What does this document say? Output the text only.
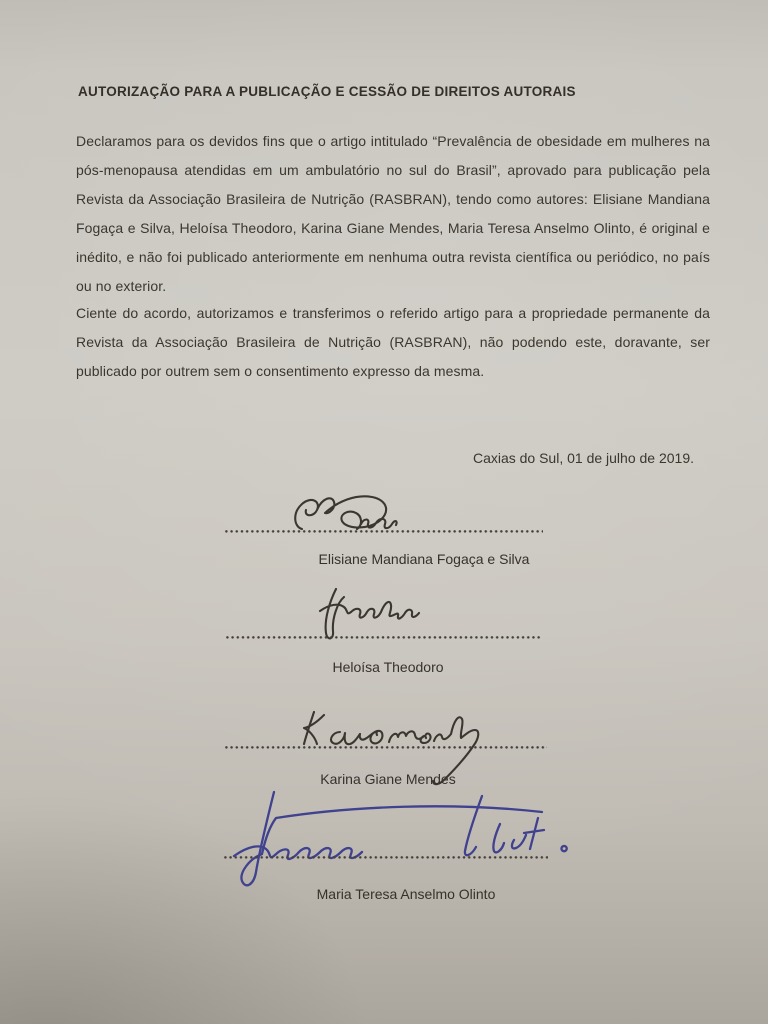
AUTORIZAÇÃO PARA A PUBLICAÇÃO E CESSÃO DE DIREITOS AUTORAIS

Declaramos para os devidos fins que o artigo intitulado “Prevalência de obesidade em mulheres na pós-menopausa atendidas em um ambulatório no sul do Brasil”, aprovado para publicação pela Revista da Associação Brasileira de Nutrição (RASBRAN), tendo como autores: Elisiane Mandiana Fogaça e Silva, Heloísa Theodoro, Karina Giane Mendes, Maria Teresa Anselmo Olinto, é original e inédito, e não foi publicado anteriormente em nenhuma outra revista científica ou periódico, no país ou no exterior.

Ciente do acordo, autorizamos e transferimos o referido artigo para a propriedade permanente da Revista da Associação Brasileira de Nutrição (RASBRAN), não podendo este, doravante, ser publicado por outrem sem o consentimento expresso da mesma.

Caxias do Sul, 01 de julho de 2019.
Elisiane Mandiana Fogaça e Silva
Heloísa Theodoro
Karina Giane Mendes
Maria Teresa Anselmo Olinto
